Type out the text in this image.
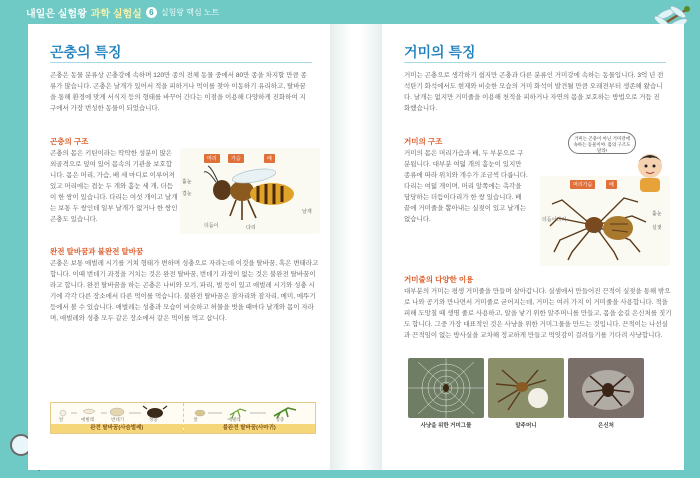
내일은 실험왕 과학 실험실 6 실험왕 핵심 노트
곤충의 특징
곤충은 동물 분류상 곤충강에 속하며 120만 종의 전체 동물 중에서 80만 종을 차지할 만큼 종류가 많습니다. 곤충은 날개가 있어서 적을 피하거나 먹이를 찾아 이동하기 유리하고, 탈바꿈을 통해 환경에 맞게 서식지 등의 형태를 바꾸어 간다는 이점을 이용해 다양하게 진화하여 지구에서 가장 번성한 동물이 되었습니다.
곤충의 구조
곤충의 몸은 키틴이라는 딱딱한 성분이 많은 외골격으로 덮여 있어 몸속의 기관을 보호합니다. 몸은 머리, 가슴, 배 세 마디로 이루어져 있고 머리에는 겹눈 두 개와 홑눈 세 개, 더듬이 한 쌍이 있습니다. 다리는 여섯 개이고 날개는 보통 두 쌍인데 일부 날개가 없거나 한 쌍인 곤충도 있습니다.
머리	가슴	배
홑눈
겹눈
더듬이	다리
날개
완전 탈바꿈과 불완전 탈바꿈
곤충은 보통 애벌레 시기를 거쳐 형태가 변하며 성충으로 자라는데 이것을 탈바꿈, 혹은 변태라고 합니다. 이때 번데기 과정을 거치는 것은 완전 탈바꿈, 번데기 과정이 없는 것은 불완전 탈바꿈이라고 합니다. 완전 탈바꿈을 하는 곤충은 나비와 모기, 파리, 벌 등이 있고 애벌레 시기와 성충 시기에 각각 다른 장소에서 다른 먹이를 먹습니다. 불완전 탈바꿈은 잠자리와 잠자리, 메미, 메뚜기 등에서 볼 수 있습니다. 애벌레는 성충과 모습이 비슷하고 허물을 벗을 때마다 날개와 몸이 자라며, 애벌레와 성충 모두 같은 장소에서 같은 먹이를 먹고 삽니다.
알	애벌레	번데기	성충
완전 탈바꿈(사슴벌레)
알	애벌레	성충
불완전 탈바꿈(사마귀)
거미의 특징
거미는 곤충으로 생각하기 쉽지만 곤충과 다른 분류인 거미강에 속하는 동물입니다. 3억 년 전 석탄기 화석에서도 현재와 비슷한 모습의 거미 화석이 발견될 만큼 오래전부터 생존해 왔습니다. 날개는 없지만 거미줄을 이용해 천적을 피하거나 자연의 몸을 보호하는 방법으로 거듭 진화했습니다.
거미의 구조
거미의 몸은 머리가슴과 배, 두 부분으로 구분됩니다. 대부분 여덟 개의 홑눈이 있지만 종류에 따라 위치와 개수가 조금씩 다릅니다. 다리는 여덟 개이며, 머리 앞쪽에는 촉각을 담당하는 더듬이다리가 한 쌍 있습니다. 배 끝에 거미줄을 뽑아내는 실젖이 있고 날개는 없습니다.
머리가슴	배
더듬이다리
다리
홑눈
실젖
거미줄의 다양한 이용
대부분의 거미는 평생 거미줄을 만들며 살아갑니다. 실샘에서 만들어진 끈적이 실젖을 통해 밖으로 나와 공기와 만나면서 거미줄로 굳어지는데, 거미는 여러 가지 이 거미줄을 사용합니다. 적을 피해 도망칠 때 생명 줄로 사용하고, 알을 낳기 위한 알주머니를 만들고, 몸을 숨길 은신처를 짓기도 합니다. 그중 가장 대표적인 것은 사냥을 위한 거미그물을 만드는 것입니다. 끈적이는 나선실과 끈적임이 없는 방사실을 교차해 정교하게 만들고 먹잇감이 걸려들기를 기다려 사냥합니다.
거미는 곤충이 아닌 거미강에 속하는 동물이야. 몸의 구조도 달라!
사냥을 위한 거미그물	알주머니	은신처
